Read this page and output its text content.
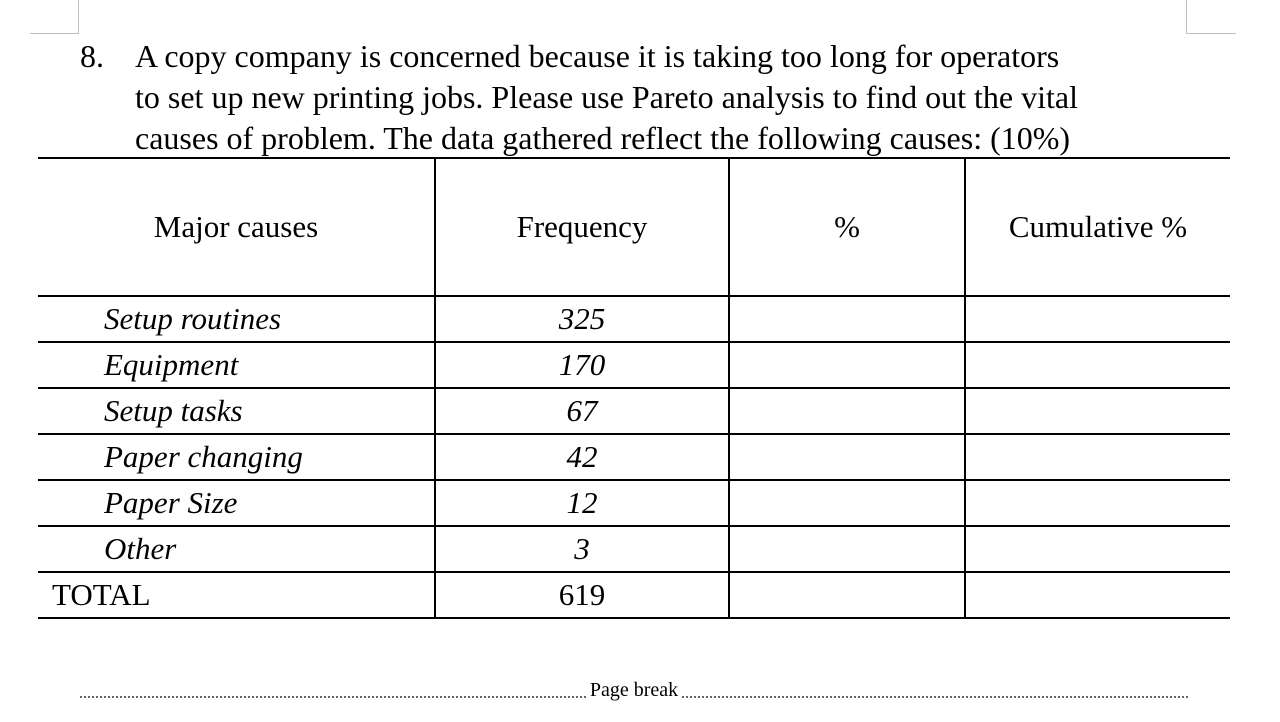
8. A copy company is concerned because it is taking too long for operators
to set up new printing jobs. Please use Pareto analysis to find out the vital
causes of problem. The data gathered reflect the following causes: (10%)
Major causes	Frequency	%	Cumulative %
Setup routines	325		
Equipment	170		
Setup tasks	67		
Paper changing	42		
Paper Size	12		
Other	3		
TOTAL	619		
Page break
